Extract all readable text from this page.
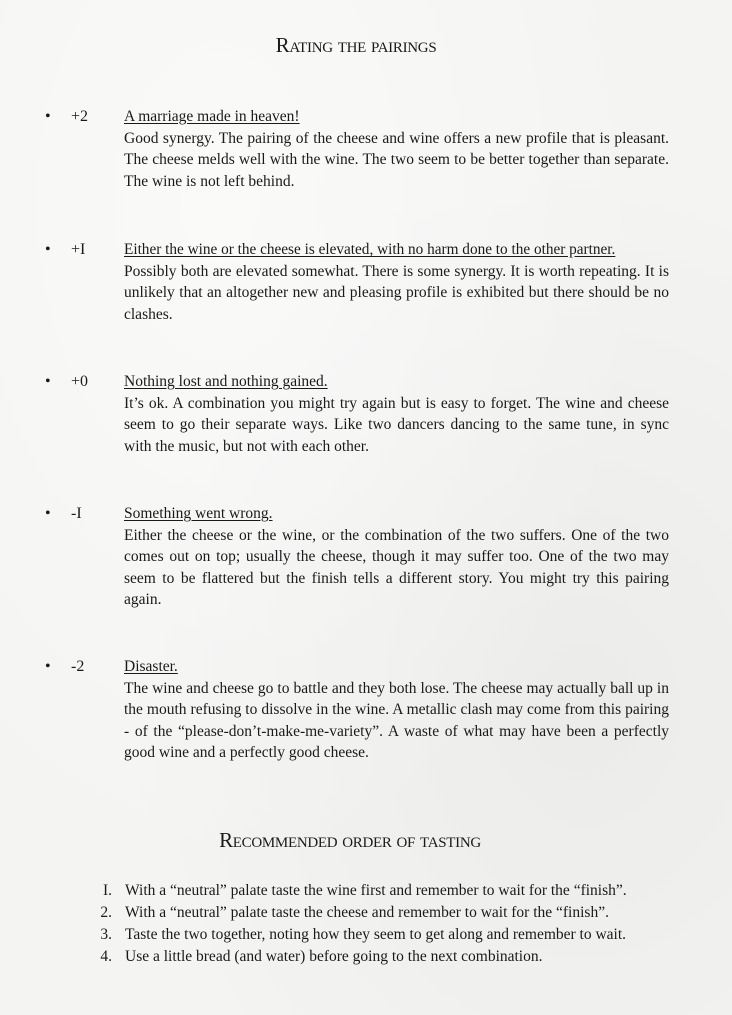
Rating the pairings
• +2 A marriage made in heaven!
Good synergy. The pairing of the cheese and wine offers a new profile that is pleasant. The cheese melds well with the wine. The two seem to be better together than separate. The wine is not left behind.
• +I Either the wine or the cheese is elevated, with no harm done to the other partner.
Possibly both are elevated somewhat. There is some synergy. It is worth repeating. It is unlikely that an altogether new and pleasing profile is exhibited but there should be no clashes.
• +0 Nothing lost and nothing gained.
It’s ok. A combination you might try again but is easy to forget. The wine and cheese seem to go their separate ways. Like two dancers dancing to the same tune, in sync with the music, but not with each other.
• -I	Something went wrong.
Either the cheese or the wine, or the combination of the two suffers. One of the two comes out on top; usually the cheese, though it may suffer too. One of the two may seem to be flattered but the finish tells a different story. You might try this pairing again.
• -2	Disaster.
The wine and cheese go to battle and they both lose. The cheese may actually ball up in the mouth refusing to dissolve in the wine. A metallic clash may come from this pairing - of the “please-don’t-make-me-variety”. A waste of what may have been a perfectly good wine and a perfectly good cheese.
Recommended order of tasting
I. With a “neutral” palate taste the wine first and remember to wait for the “finish”.
2. With a “neutral” palate taste the cheese and remember to wait for the “finish”.
3. Taste the two together, noting how they seem to get along and remember to wait.
4. Use a little bread (and water) before going to the next combination.
